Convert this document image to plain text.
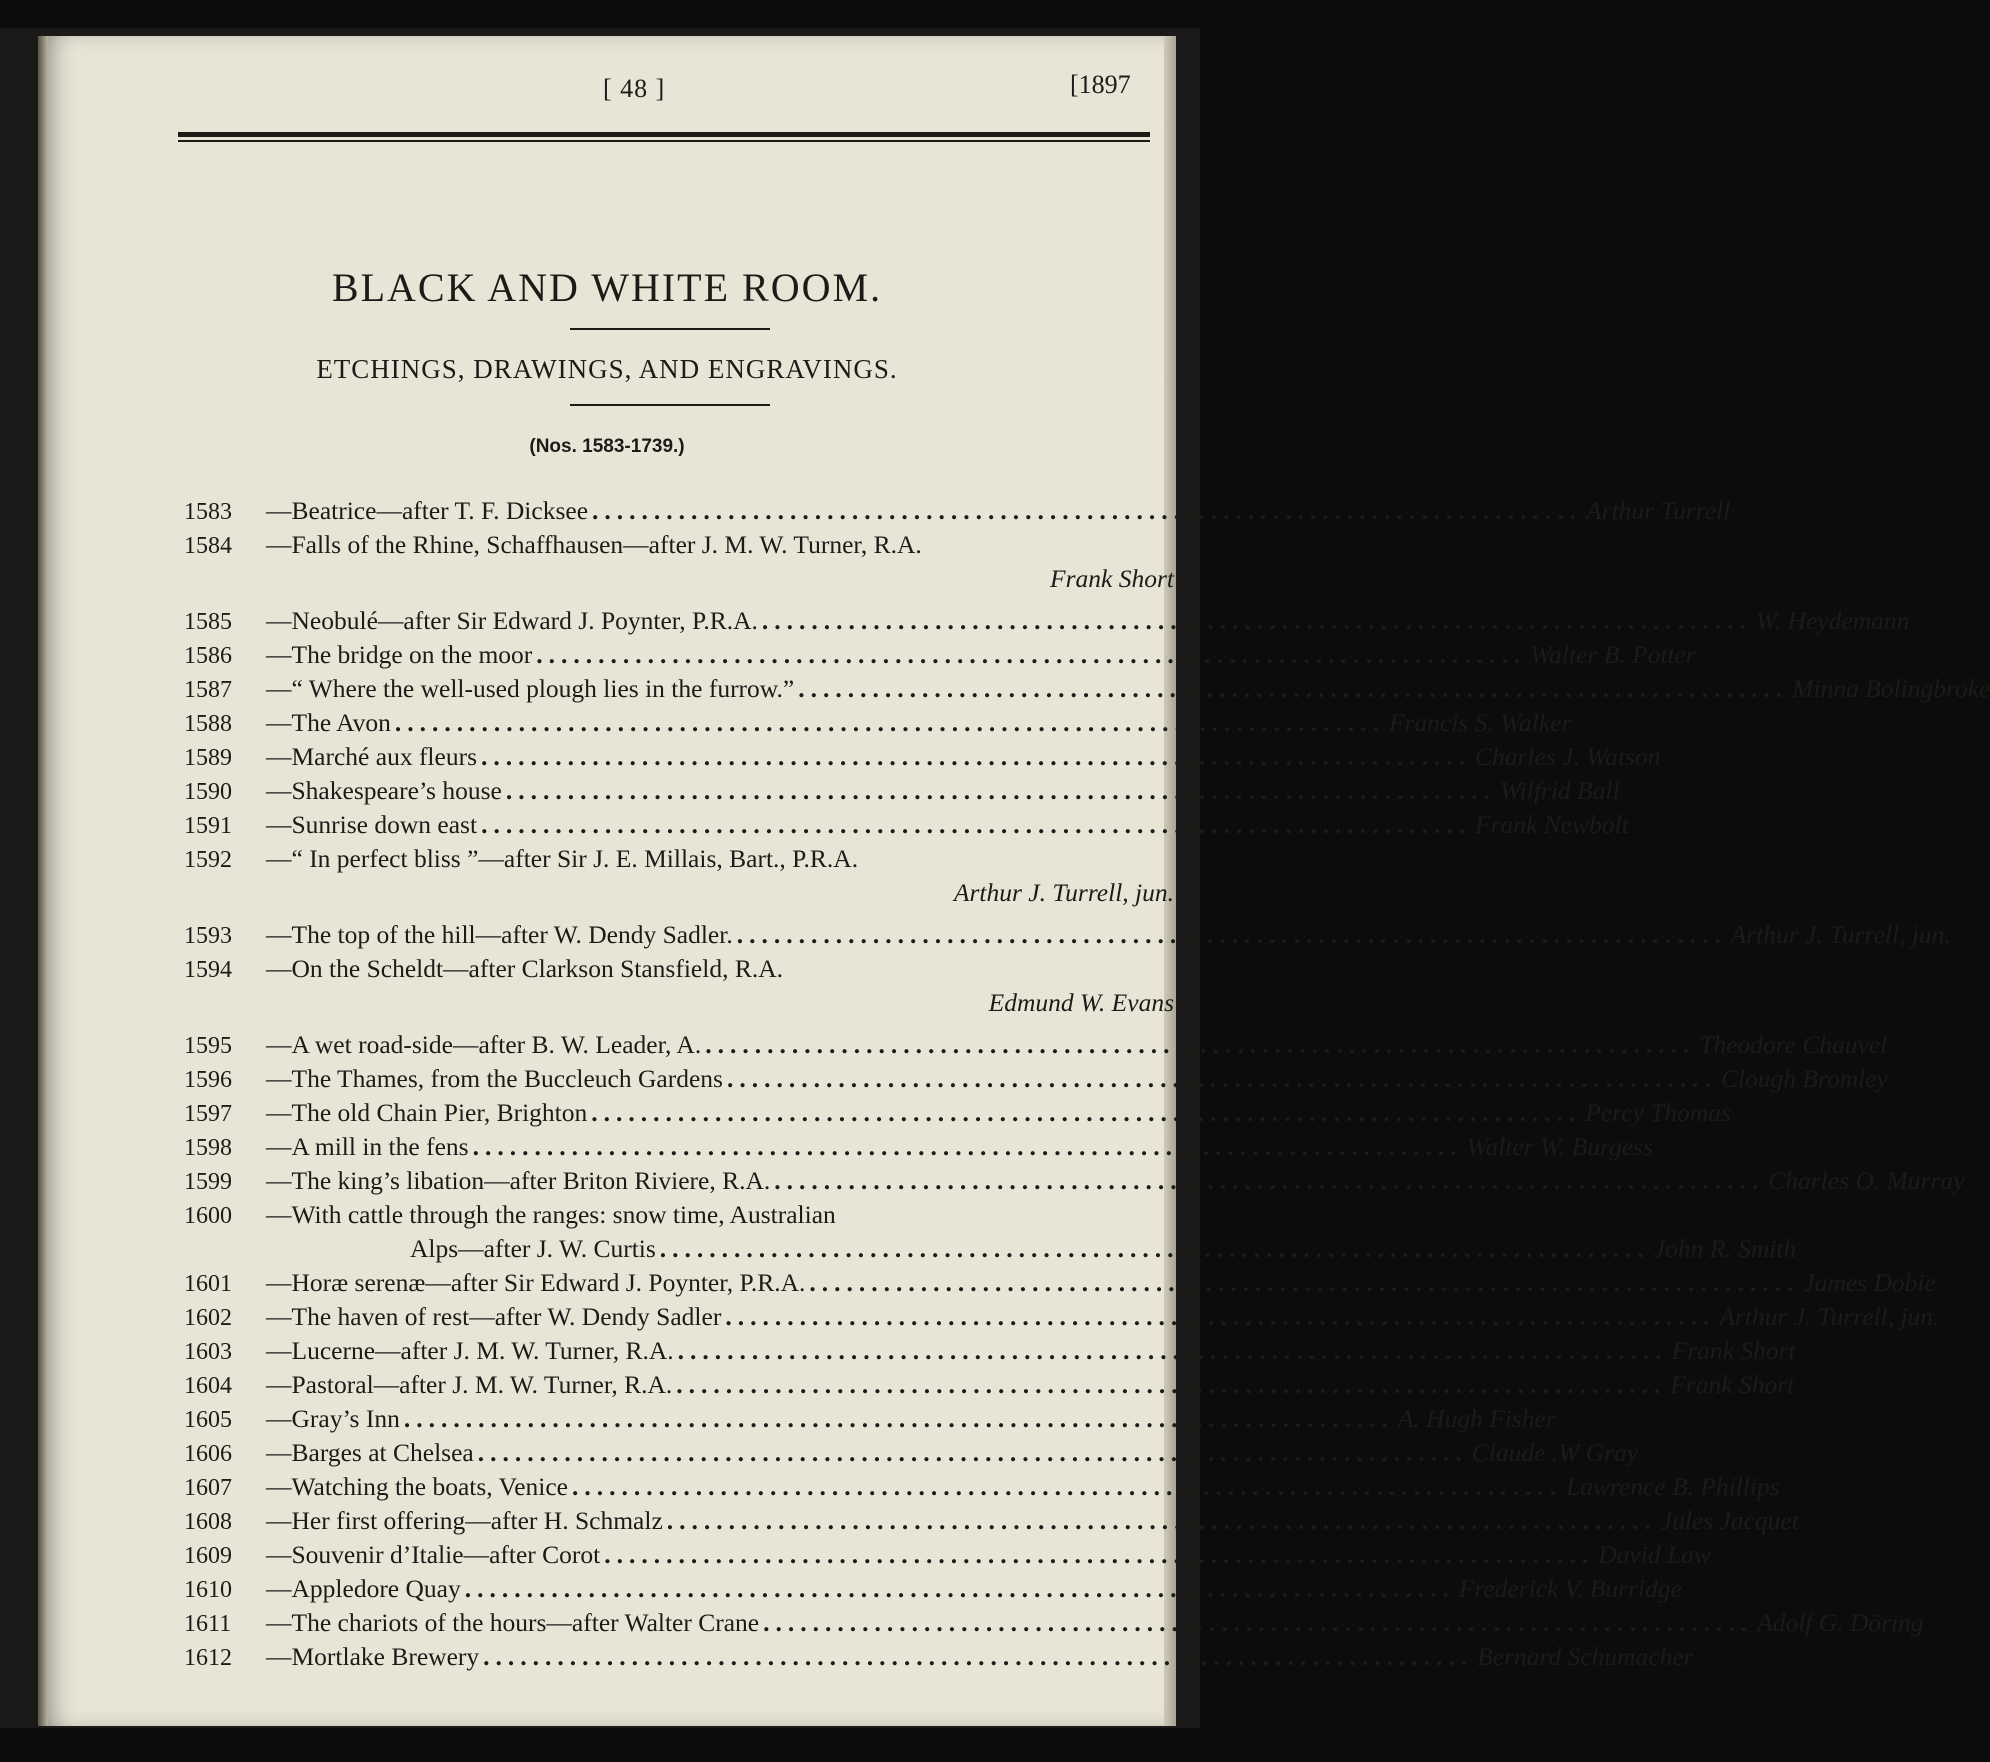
[ 48 ]	[1897
BLACK AND WHITE ROOM.
ETCHINGS, DRAWINGS, AND ENGRAVINGS.
(Nos. 1583-1739.)
1583	—Beatrice—after T. F. Dicksee ................................................................................ Arthur Turrell
1584	—Falls of the Rhine, Schaffhausen—after J. M. W. Turner, R.A.
Frank Short
1585	—Neobulé—after Sir Edward J. Poynter, P.R.A. ................................................................................ W. Heydemann
1586	—The bridge on the moor ................................................................................ Walter B. Potter
1587	—“ Where the well-used plough lies in the furrow.” ................................................................................ Minna Bolingbroke
1588	—The Avon ................................................................................ Francis S. Walker
1589	—Marché aux fleurs ................................................................................ Charles J. Watson
1590	—Shakespeare’s house ................................................................................ Wilfrid Ball
1591	—Sunrise down east ................................................................................ Frank Newbolt
1592	—“ In perfect bliss ”—after Sir J. E. Millais, Bart., P.R.A.
Arthur J. Turrell, jun.
1593	—The top of the hill—after W. Dendy Sadler. ................................................................................ Arthur J. Turrell, jun.
1594	—On the Scheldt—after Clarkson Stansfield, R.A.
Edmund W. Evans
1595	—A wet road-side—after B. W. Leader, A. ................................................................................ Theodore Chauvel
1596	—The Thames, from the Buccleuch Gardens ................................................................................ Clough Bromley
1597	—The old Chain Pier, Brighton ................................................................................ Percy Thomas
1598	—A mill in the fens ................................................................................ Walter W. Burgess
1599	—The king’s libation—after Briton Riviere, R.A. ................................................................................ Charles O. Murray
1600	—With cattle through the ranges: snow time, Australian
Alps—after J. W. Curtis ................................................................................ John R. Smith
1601	—Horæ serenæ—after Sir Edward J. Poynter, P.R.A. ................................................................................ James Dobie
1602	—The haven of rest—after W. Dendy Sadler ................................................................................ Arthur J. Turrell, jun.
1603	—Lucerne—after J. M. W. Turner, R.A. ................................................................................ Frank Short
1604	—Pastoral—after J. M. W. Turner, R.A. ................................................................................ Frank Short
1605	—Gray’s Inn ................................................................................ A. Hugh Fisher
1606	—Barges at Chelsea ................................................................................ Claude .W Gray
1607	—Watching the boats, Venice ................................................................................ Lawrence B. Phillips
1608	—Her first offering—after H. Schmalz ................................................................................ Jules Jacquet
1609	—Souvenir d’Italie—after Corot ................................................................................ David Law
1610	—Appledore Quay ................................................................................ Frederick V. Burridge
1611	—The chariots of the hours—after Walter Crane ................................................................................ Adolf G. Döring
1612	—Mortlake Brewery ................................................................................ Bernard Schumacher
